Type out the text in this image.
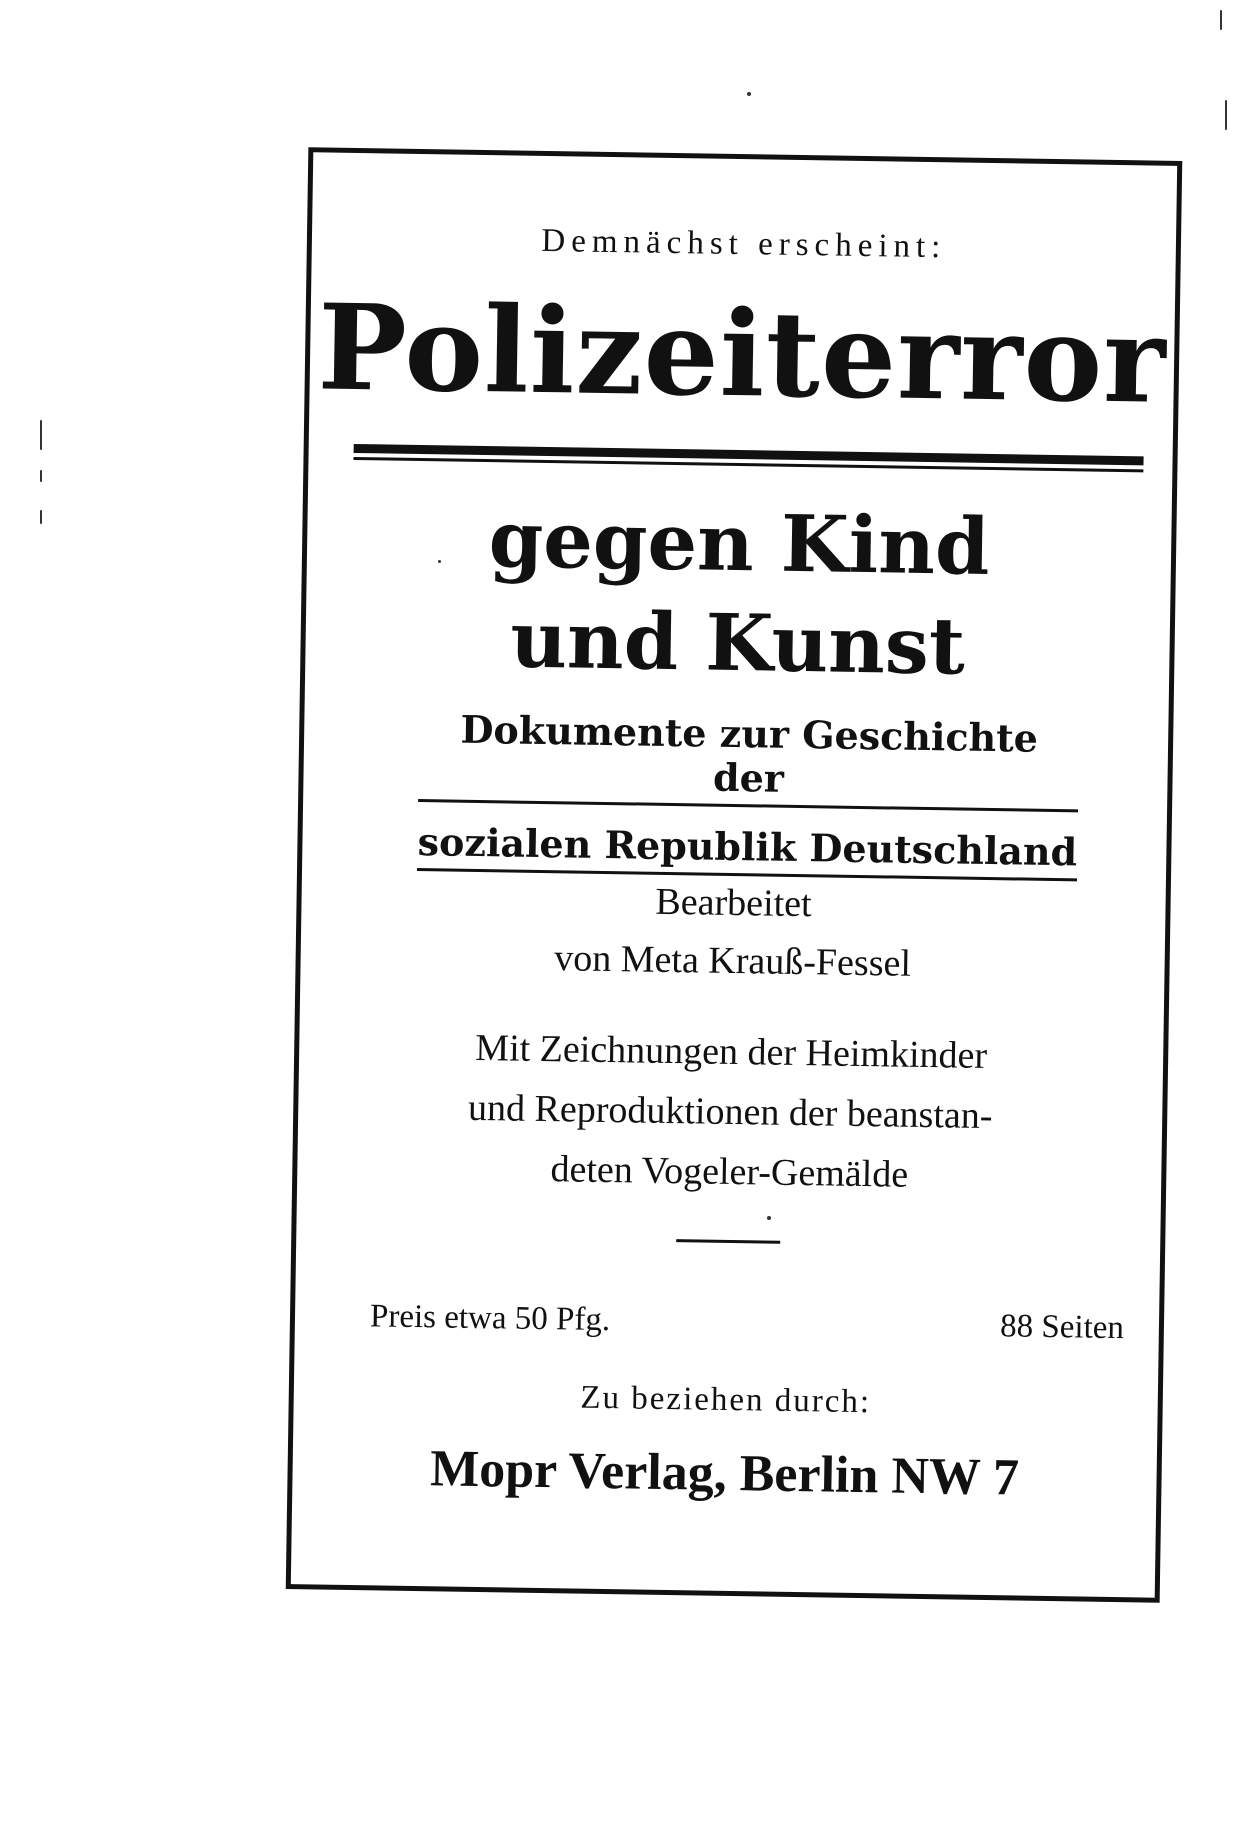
Demnächst erscheint:
Polizeiterror
gegen Kind
und Kunst
Dokumente zur Geschichte der
sozialen Republik Deutschland
Bearbeitet
von Meta Krauß-Fessel
Mit Zeichnungen der Heimkinder
und Reproduktionen der beanstan-
deten Vogeler-Gemälde
Preis etwa 50 Pfg.	88 Seiten
Zu beziehen durch:
Mopr Verlag, Berlin NW 7
